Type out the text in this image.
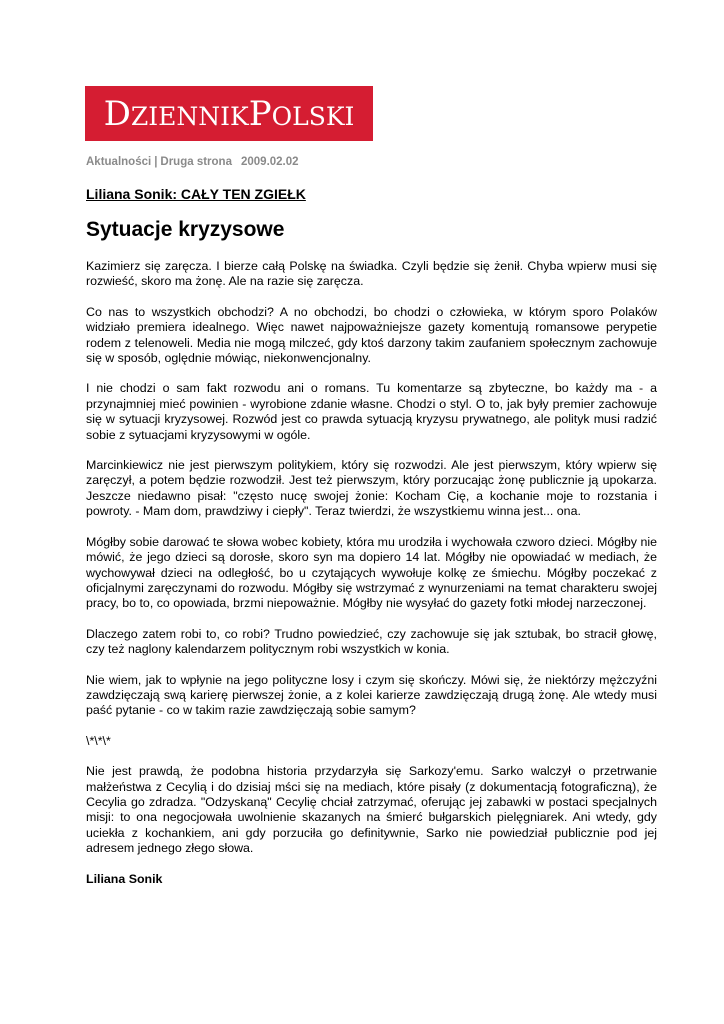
D ZIENNIK P OLSKI
Aktualności | Druga strona 2009.02.02
Liliana Sonik: CAŁY TEN ZGIEŁK
Sytuacje kryzysowe

Kazimierz się zaręcza. I bierze całą Polskę na świadka. Czyli będzie się żenił. Chyba wpierw musi się rozwieść, skoro ma żonę. Ale na razie się zaręcza.

Co nas to wszystkich obchodzi? A no obchodzi, bo chodzi o człowieka, w którym sporo Polaków widziało premiera idealnego. Więc nawet najpoważniejsze gazety komentują romansowe perypetie rodem z telenoweli. Media nie mogą milczeć, gdy ktoś darzony takim zaufaniem społecznym zachowuje się w sposób, oględnie mówiąc, niekonwencjonalny.

I nie chodzi o sam fakt rozwodu ani o romans. Tu komentarze są zbyteczne, bo każdy ma - a przynajmniej mieć powinien - wyrobione zdanie własne. Chodzi o styl. O to, jak były premier zachowuje się w sytuacji kryzysowej. Rozwód jest co prawda sytuacją kryzysu prywatnego, ale polityk musi radzić sobie z sytuacjami kryzysowymi w ogóle.

Marcinkiewicz nie jest pierwszym politykiem, który się rozwodzi. Ale jest pierwszym, który wpierw się zaręczył, a potem będzie rozwodził. Jest też pierwszym, który porzucając żonę publicznie ją upokarza. Jeszcze niedawno pisał: "często nucę swojej żonie: Kocham Cię, a kochanie moje to rozstania i powroty. - Mam dom, prawdziwy i ciepły". Teraz twierdzi, że wszystkiemu winna jest... ona.

Mógłby sobie darować te słowa wobec kobiety, która mu urodziła i wychowała czworo dzieci. Mógłby nie mówić, że jego dzieci są dorosłe, skoro syn ma dopiero 14 lat. Mógłby nie opowiadać w mediach, że wychowywał dzieci na odległość, bo u czytających wywołuje kolkę ze śmiechu. Mógłby poczekać z oficjalnymi zaręczynami do rozwodu. Mógłby się wstrzymać z wynurzeniami na temat charakteru swojej pracy, bo to, co opowiada, brzmi niepoważnie. Mógłby nie wysyłać do gazety fotki młodej narzeczonej.

Dlaczego zatem robi to, co robi? Trudno powiedzieć, czy zachowuje się jak sztubak, bo stracił głowę, czy też naglony kalendarzem politycznym robi wszystkich w konia.

Nie wiem, jak to wpłynie na jego polityczne losy i czym się skończy. Mówi się, że niektórzy mężczyźni zawdzięczają swą karierę pierwszej żonie, a z kolei karierze zawdzięczają drugą żonę. Ale wtedy musi paść pytanie - co w takim razie zawdzięczają sobie samym?

\*\*\*

Nie jest prawdą, że podobna historia przydarzyła się Sarkozy'emu. Sarko walczył o przetrwanie małżeństwa z Cecylią i do dzisiaj mści się na mediach, które pisały (z dokumentacją fotograficzną), że Cecylia go zdradza. "Odzyskaną" Cecylię chciał zatrzymać, oferując jej zabawki w postaci specjalnych misji: to ona negocjowała uwolnienie skazanych na śmierć bułgarskich pielęgniarek. Ani wtedy, gdy uciekła z kochankiem, ani gdy porzuciła go definitywnie, Sarko nie powiedział publicznie pod jej adresem jednego złego słowa.

Liliana Sonik
